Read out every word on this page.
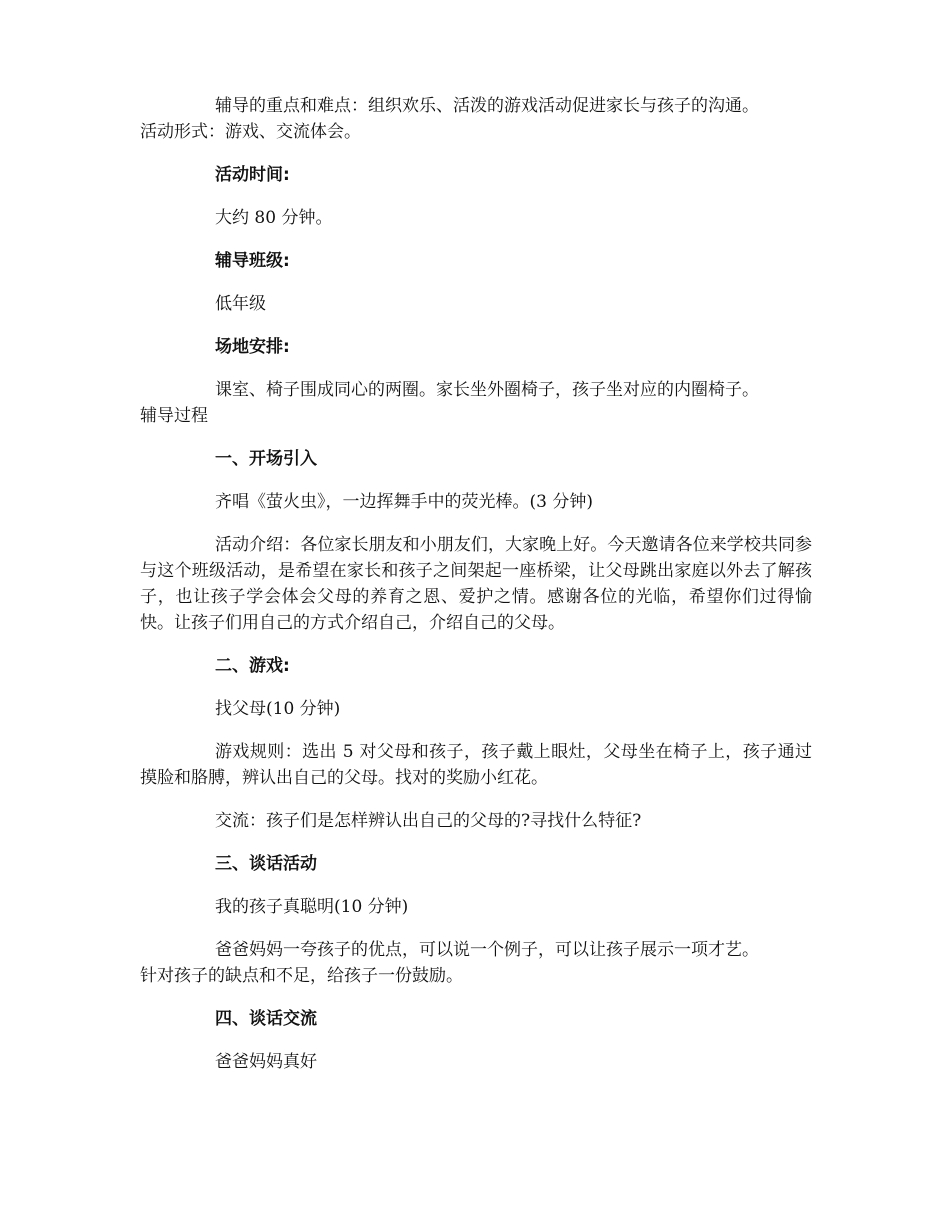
辅导的重点和难点：组织欢乐、活泼的游戏活动促进家长与孩子的沟通。

活动形式：游戏、交流体会。

活动时间:

大约 80 分钟。

辅导班级:

低年级

场地安排:

课室、椅子围成同心的两圈。家长坐外圈椅子，孩子坐对应的内圈椅子。

辅导过程

一、开场引入

齐唱《萤火虫》，一边挥舞手中的荧光棒。(3 分钟)

活动介绍：各位家长朋友和小朋友们，大家晚上好。今天邀请各位来学校共同参与这个班级活动，是希望在家长和孩子之间架起一座桥梁，让父母跳出家庭以外去了解孩子，也让孩子学会体会父母的养育之恩、爱护之情。感谢各位的光临，希望你们过得愉快。让孩子们用自己的方式介绍自己，介绍自己的父母。

二、游戏:

找父母(10 分钟)

游戏规则：选出 5 对父母和孩子，孩子戴上眼灶，父母坐在椅子上，孩子通过摸脸和胳膊，辨认出自己的父母。找对的奖励小红花。

交流：孩子们是怎样辨认出自己的父母的?寻找什么特征?

三、谈话活动

我的孩子真聪明(10 分钟)

爸爸妈妈一夸孩子的优点，可以说一个例子，可以让孩子展示一项才艺。

针对孩子的缺点和不足，给孩子一份鼓励。

四、谈话交流

爸爸妈妈真好
